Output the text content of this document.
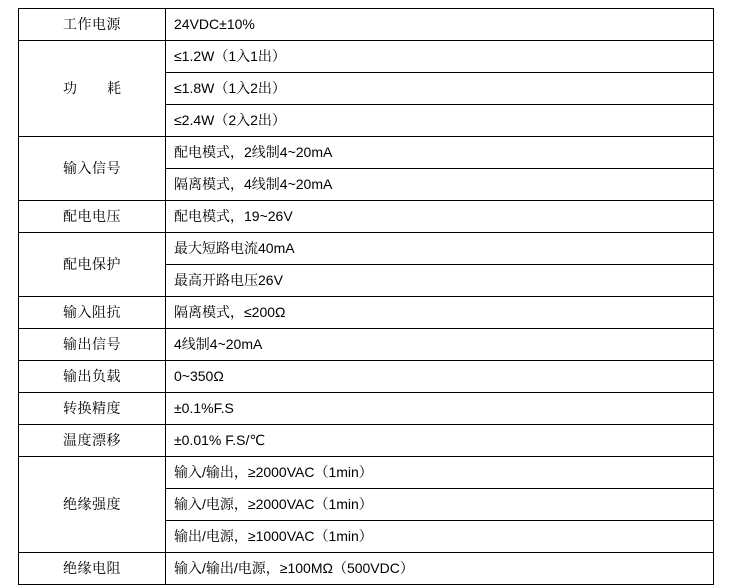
工作电源	24VDC±10%
功　耗	≤1.2W（1入1出）
	≤1.8W（1入2出）
	≤2.4W（2入2出）
输入信号	配电模式，2线制4~20mA
	隔离模式，4线制4~20mA
配电电压	配电模式，19~26V
配电保护	最大短路电流40mA
	最高开路电压26V
输入阻抗	隔离模式，≤200Ω
输出信号	4线制4~20mA
输出负载	0~350Ω
转换精度	±0.1%F.S
温度漂移	±0.01% F.S/℃
绝缘强度	输入/输出，≥2000VAC（1min）
	输入/电源，≥2000VAC（1min）
	输出/电源，≥1000VAC（1min）
绝缘电阻	输入/输出/电源，≥100MΩ（500VDC）
